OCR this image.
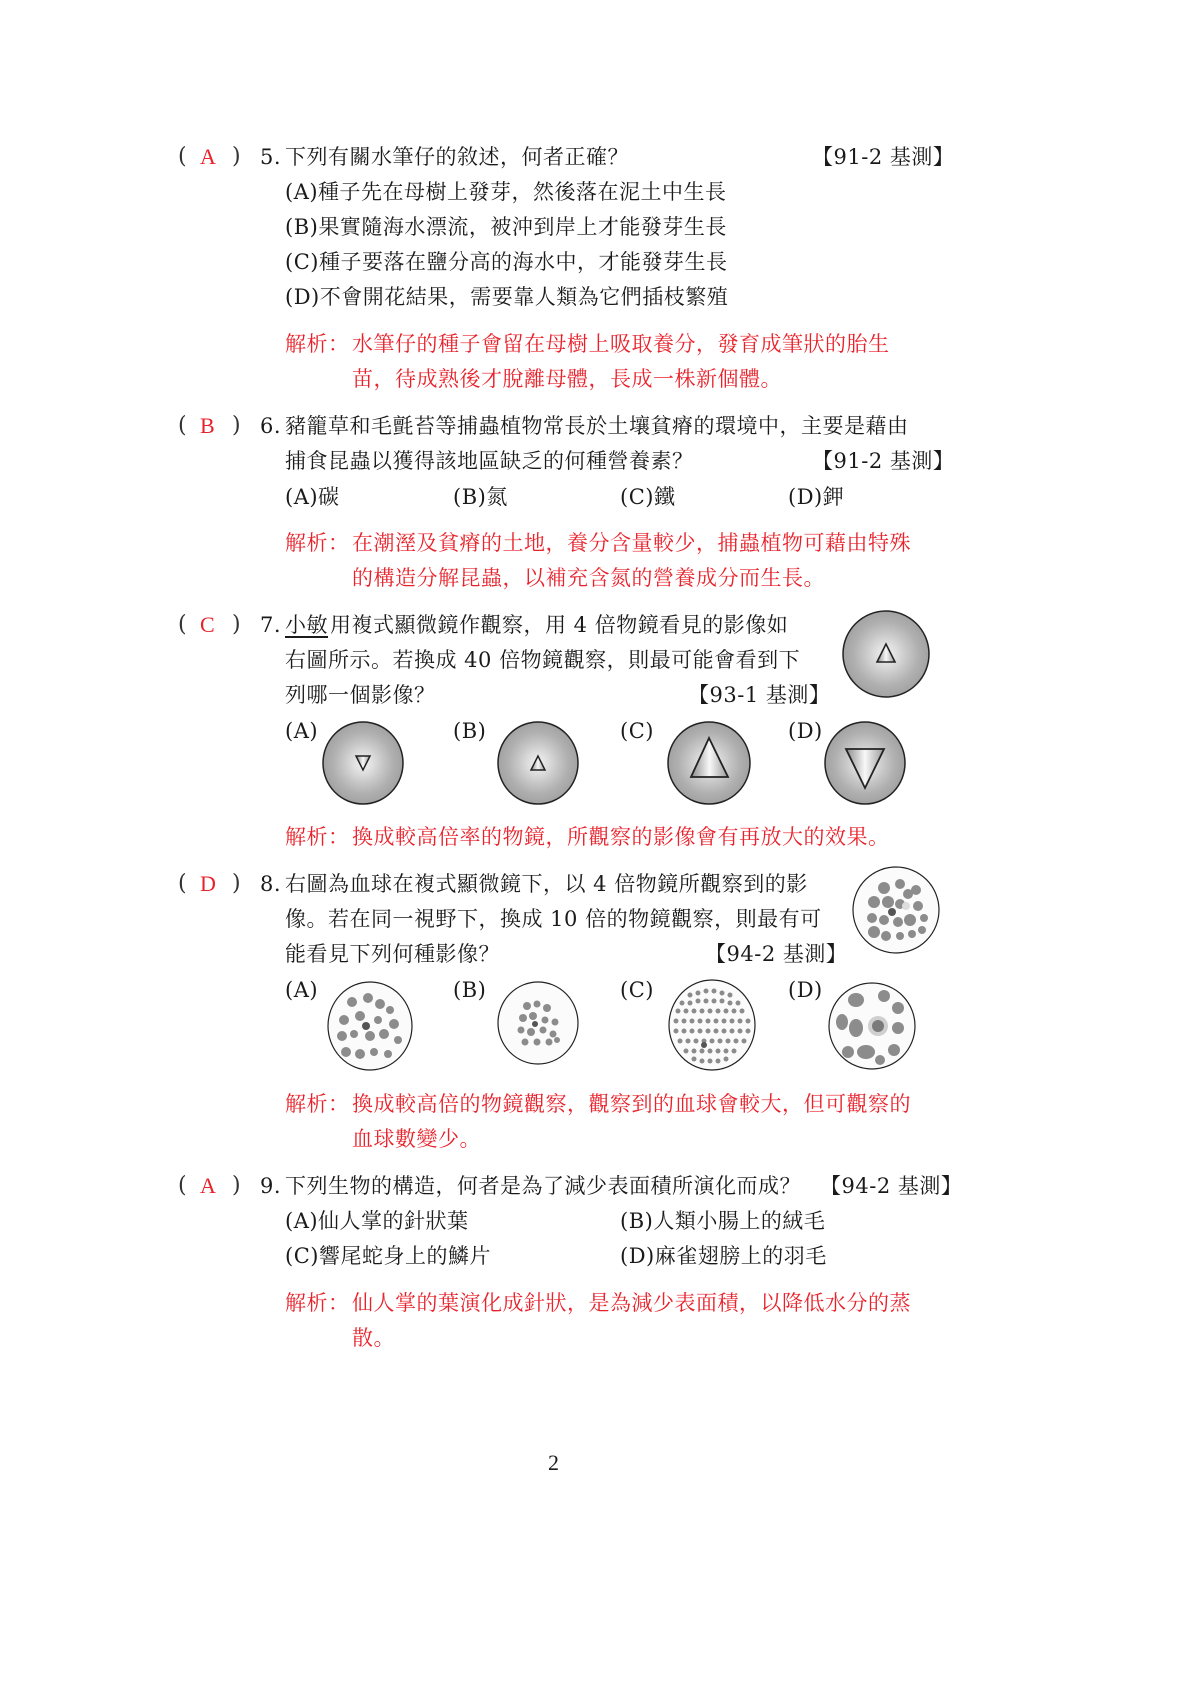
( A ) 5. 下列有關水筆仔的敘述，何者正確？	【91-2 基測】
(A)種子先在母樹上發芽，然後落在泥土中生長
(B)果實隨海水漂流，被沖到岸上才能發芽生長
(C)種子要落在鹽分高的海水中，才能發芽生長
(D)不會開花結果，需要靠人類為它們插枝繁殖
解析： 水筆仔的種子會留在母樹上吸取養分，發育成筆狀的胎生
苗，待成熟後才脫離母體，長成一株新個體。
( B ) 6. 豬籠草和毛氈苔等捕蟲植物常長於土壤貧瘠的環境中，主要是藉由
捕食昆蟲以獲得該地區缺乏的何種營養素？	【91-2 基測】
(A)碳	(B)氮	(C)鐵	(D)鉀
解析： 在潮溼及貧瘠的土地，養分含量較少，捕蟲植物可藉由特殊
的構造分解昆蟲，以補充含氮的營養成分而生長。
( C ) 7. 小敏 用複式顯微鏡作觀察，用 4 倍物鏡看見的影像如
右圖所示。若換成 40 倍物鏡觀察，則最可能會看到下
列哪一個影像？	【93-1 基測】
(A)	(B)	(C)	(D)
解析： 換成較高倍率的物鏡，所觀察的影像會有再放大的效果。
( D ) 8. 右圖為血球在複式顯微鏡下，以 4 倍物鏡所觀察到的影
像。若在同一視野下，換成 10 倍的物鏡觀察，則最有可
能看見下列何種影像？	【94-2 基測】
(A)	(B)	(C)	(D)
解析： 換成較高倍的物鏡觀察，觀察到的血球會較大，但可觀察的
血球數變少。
( A ) 9. 下列生物的構造，何者是為了減少表面積所演化而成？ 【94-2 基測】
(A)仙人掌的針狀葉	(B)人類小腸上的絨毛
(C)響尾蛇身上的鱗片	(D)麻雀翅膀上的羽毛
解析： 仙人掌的葉演化成針狀，是為減少表面積，以降低水分的蒸
散。
2
